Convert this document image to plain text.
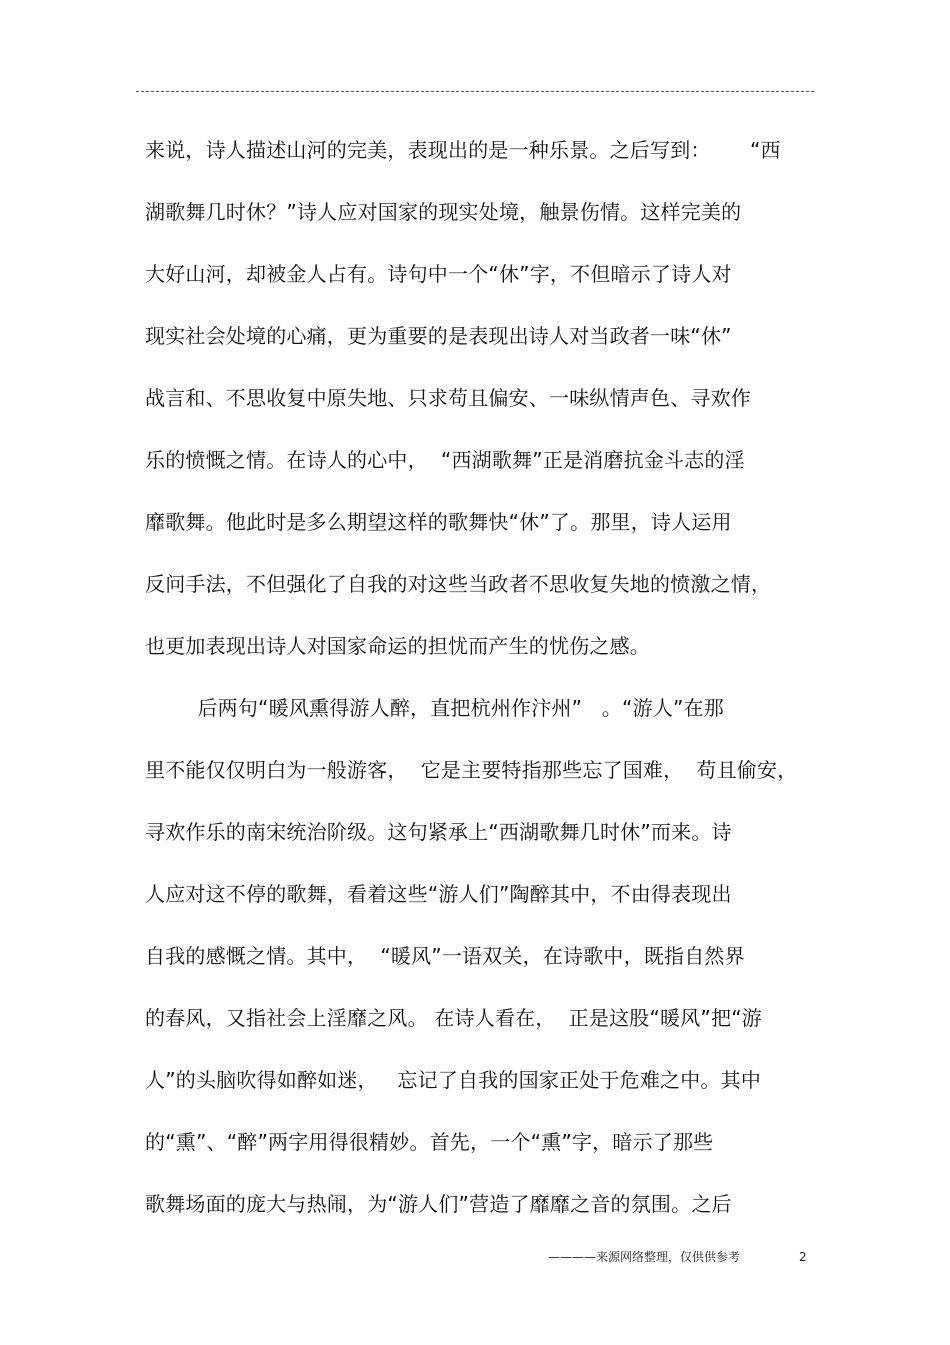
来说，诗人描述山河的完美，表现出的是一种乐景。之后写到：      “西
湖歌舞几时休？”诗人应对国家的现实处境，触景伤情。这样完美的
大好山河，却被金人占有。诗句中一个“休”字，不但暗示了诗人对
现实社会处境的心痛，更为重要的是表现出诗人对当政者一味“休”
战言和、不思收复中原失地、只求苟且偏安、一味纵情声色、寻欢作
乐的愤慨之情。在诗人的心中，  “西湖歌舞”正是消磨抗金斗志的淫
靡歌舞。他此时是多么期望这样的歌舞快“休”了。那里，诗人运用
反问手法，不但强化了自我的对这些当政者不思收复失地的愤激之情，
也更加表现出诗人对国家命运的担忧而产生的忧伤之感。
后两句“暖风熏得游人醉，直把杭州作汴州”   。“游人”在那
里不能仅仅明白为一般游客，  它是主要特指那些忘了国难，  苟且偷安，
寻欢作乐的南宋统治阶级。这句紧承上“西湖歌舞几时休”而来。诗
人应对这不停的歌舞，看着这些“游人们”陶醉其中，不由得表现出
自我的感慨之情。其中，  “暖风”一语双关，在诗歌中，既指自然界
的春风，又指社会上淫靡之风。 在诗人看在，  正是这股“暖风”把“游
人”的头脑吹得如醉如迷，   忘记了自我的国家正处于危难之中。其中
的“熏”、“醉”两字用得很精妙。首先，一个“熏”字，暗示了那些
歌舞场面的庞大与热闹，为“游人们”营造了靡靡之音的氛围。之后
————来源网络整理，仅供供参考	2
